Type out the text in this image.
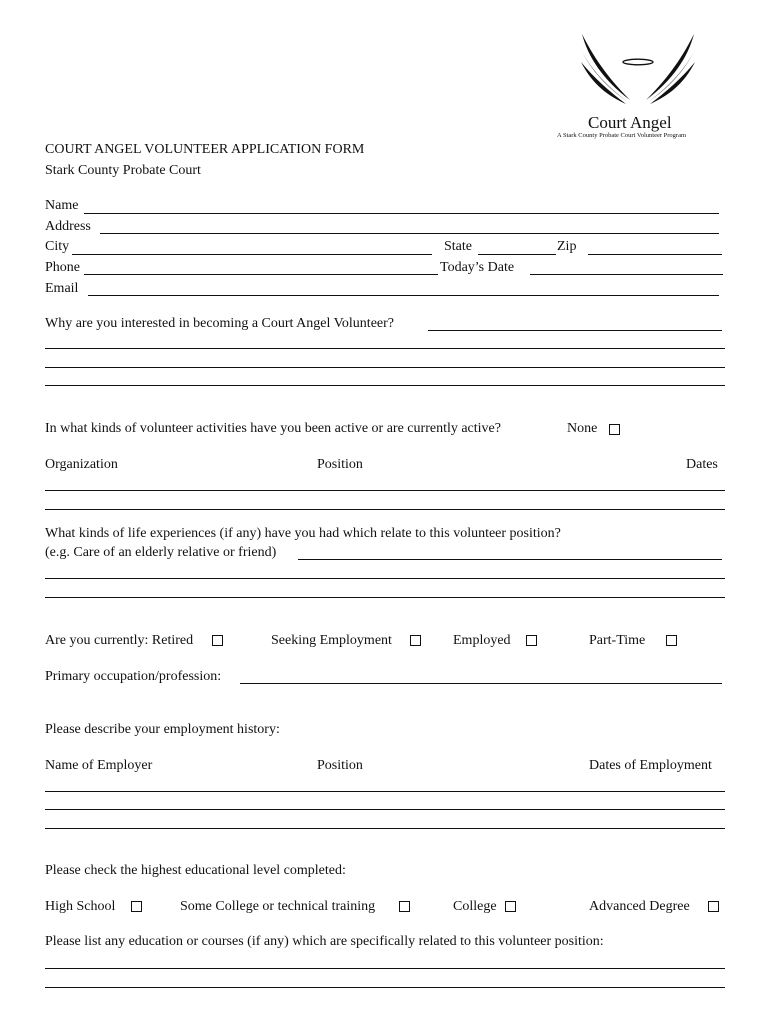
Court Angel
A Stark County Probate Court Volunteer Program
COURT ANGEL VOLUNTEER APPLICATION FORM
Stark County Probate Court
Name
Address
City	State	Zip
Phone	Today’s Date
Email
Why are you interested in becoming a Court Angel Volunteer?
In what kinds of volunteer activities have you been active or are currently active?	None
Organization	Position	Dates
What kinds of life experiences (if any) have you had which relate to this volunteer position?
(e.g. Care of an elderly relative or friend)
Are you currently: Retired	Seeking Employment	Employed	Part-Time
Primary occupation/profession:
Please describe your employment history:
Name of Employer	Position	Dates of Employment
Please check the highest educational level completed:
High School	Some College or technical training	College	Advanced Degree
Please list any education or courses (if any) which are specifically related to this volunteer position:
